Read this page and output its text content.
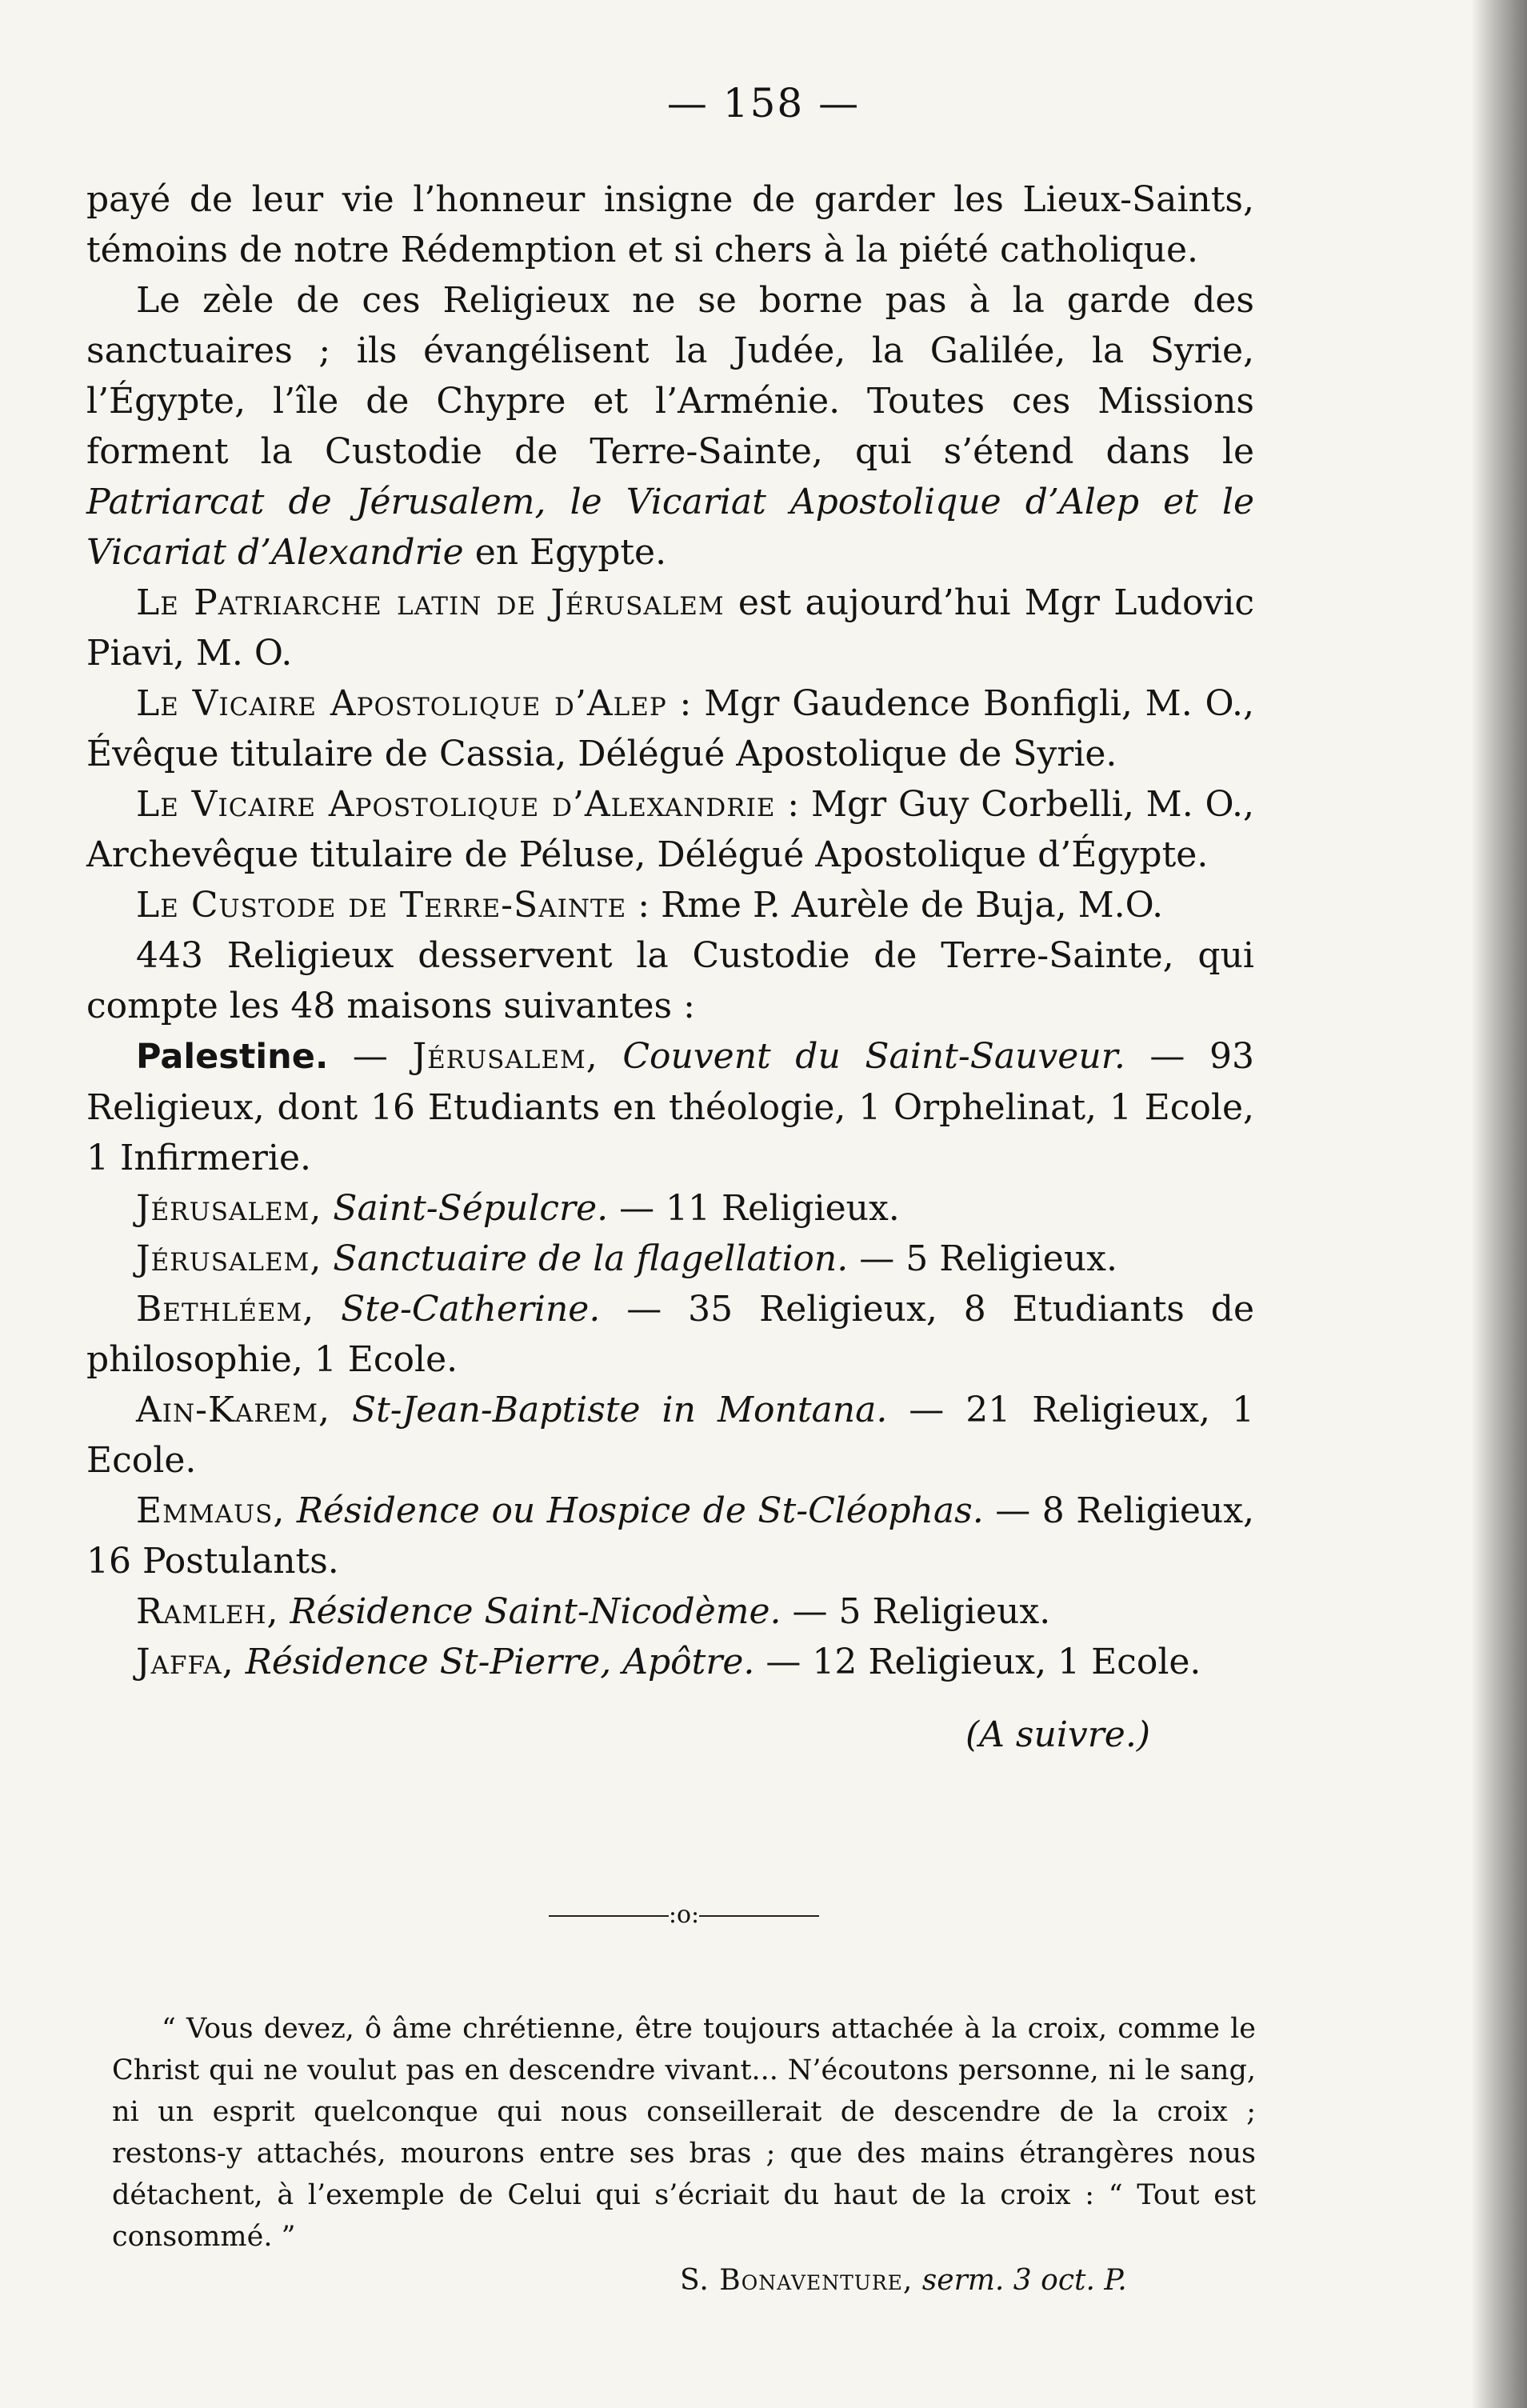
— 158 —

payé de leur vie l’honneur insigne de garder les Lieux-Saints, témoins de notre Rédemption et si chers à la piété catholique.

Le zèle de ces Religieux ne se borne pas à la garde des sanctuaires ; ils évangélisent la Judée, la Galilée, la Syrie, l’Égypte, l’île de Chypre et l’Arménie. Toutes ces Missions forment la Custodie de Terre-Sainte, qui s’étend dans le Patriarcat de Jérusalem, le Vicariat Apostolique d’Alep et le Vicariat d’Alexandrie en Egypte.

Le Patriarche latin de Jérusalem est aujourd’hui Mgr Ludovic Piavi, M. O.

Le Vicaire Apostolique d’Alep : Mgr Gaudence Bonfigli, M. O., Évêque titulaire de Cassia, Délégué Apostolique de Syrie.

Le Vicaire Apostolique d’Alexandrie : Mgr Guy Corbelli, M. O., Archevêque titulaire de Péluse, Délégué Apostolique d’Égypte.

Le Custode de Terre-Sainte : Rme P. Aurèle de Buja, M.O.

443 Religieux desservent la Custodie de Terre-Sainte, qui compte les 48 maisons suivantes :

Palestine. — Jérusalem, Couvent du Saint-Sauveur. — 93 Religieux, dont 16 Etudiants en théologie, 1 Orphelinat, 1 Ecole, 1 Infirmerie.

Jérusalem, Saint-Sépulcre. — 11 Religieux.

Jérusalem, Sanctuaire de la flagellation. — 5 Religieux.

Bethléem, Ste-Catherine. — 35 Religieux, 8 Etudiants de philosophie, 1 Ecole.

Ain-Karem, St-Jean-Baptiste in Montana. — 21 Religieux, 1 Ecole.

Emmaus, Résidence ou Hospice de St-Cléophas. — 8 Religieux, 16 Postulants.

Ramleh, Résidence Saint-Nicodème. — 5 Religieux.

Jaffa, Résidence St-Pierre, Apôtre. — 12 Religieux, 1 Ecole.

(A suivre.)

:o:

“ Vous devez, ô âme chrétienne, être toujours attachée à la croix, comme le Christ qui ne voulut pas en descendre vivant... N’écoutons personne, ni le sang, ni un esprit quelconque qui nous conseillerait de descendre de la croix ; restons-y attachés, mourons entre ses bras ; que des mains étrangères nous détachent, à l’exemple de Celui qui s’écriait du haut de la croix : “ Tout est consommé. ”

S. Bonaventure, serm. 3 oct. P.
